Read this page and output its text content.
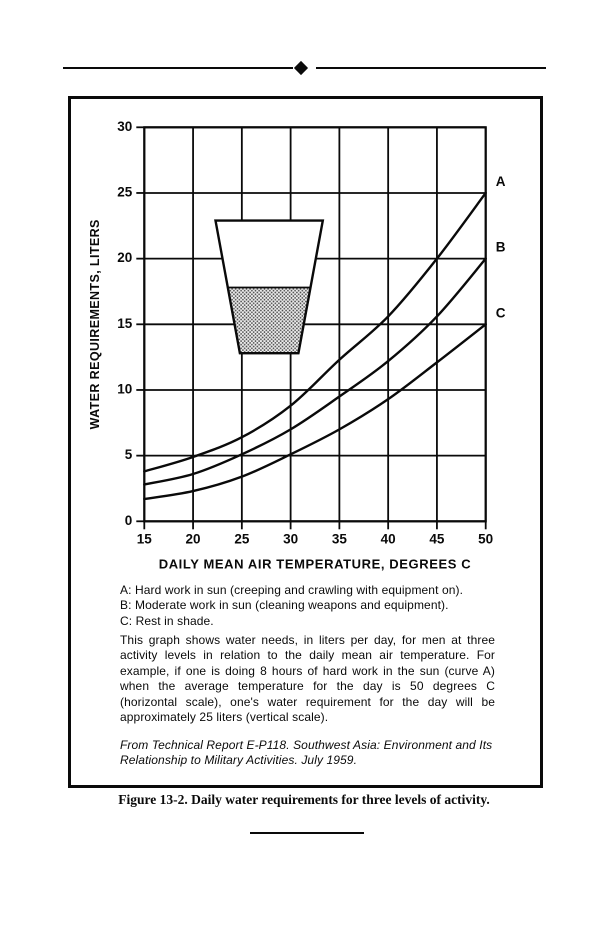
A
B
C
0
5
10
15
20
25
30
15 20 25 30 35 40 45 50
DAILY MEAN AIR TEMPERATURE, DEGREES C
WATER REQUIREMENTS, LITERS
A: Hard work in sun (creeping and crawling with equipment on).
B: Moderate work in sun (cleaning weapons and equipment).
C: Rest in shade.
This graph shows water needs, in liters per day, for men at three activity levels in relation to the daily mean air temperature. For example, if one is doing 8 hours of hard work in the sun (curve A) when the average temperature for the day is 50 degrees C (horizontal scale), one's water requirement for the day will be approximately 25 liters (vertical scale).
From Technical Report E-P118. Southwest Asia: Environment and Its Relationship to Military Activities. July 1959.
Figure 13-2. Daily water requirements for three levels of activity.
